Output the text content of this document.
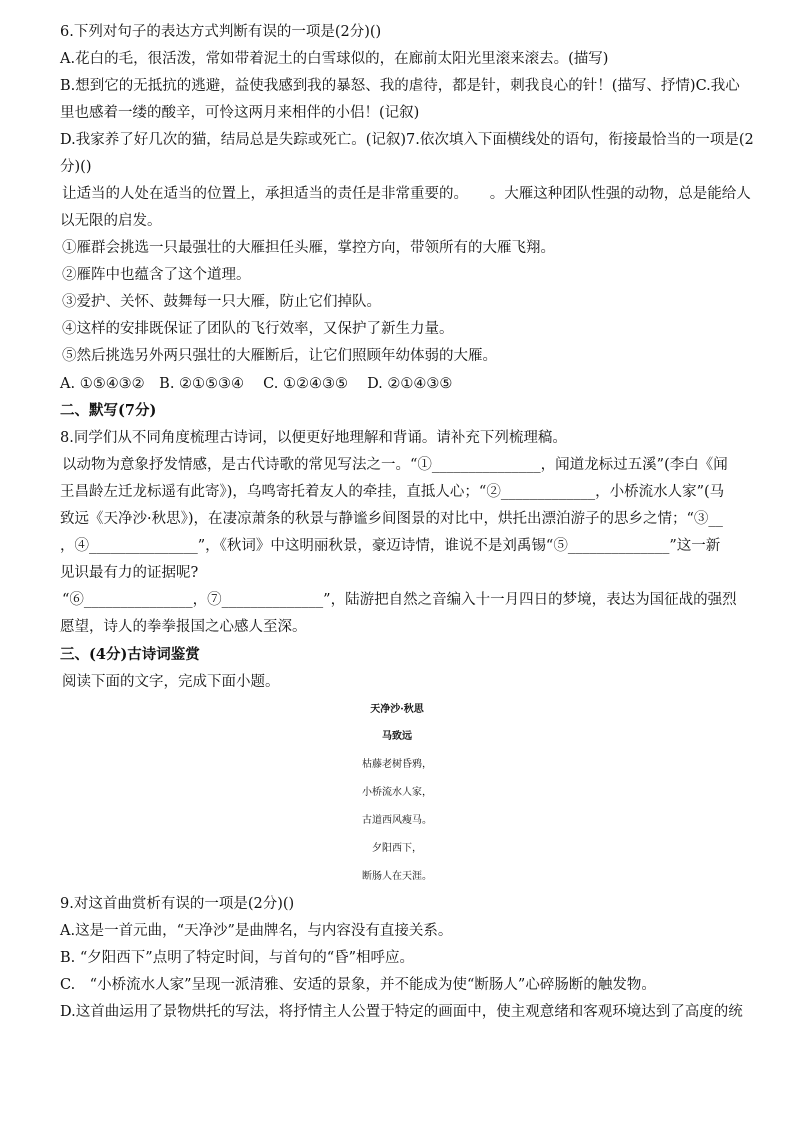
6.下列对句子的表达方式判断有误的一项是(2分)()
A.花白的毛，很活泼，常如带着泥土的白雪球似的，在廊前太阳光里滚来滚去。(描写)
B.想到它的无抵抗的逃避，益使我感到我的暴怒、我的虐待，都是针，刺我良心的针！(描写、抒情)C.我心
里也感着一缕的酸辛，可怜这两月来相伴的小侣！(记叙)
D.我家养了好几次的猫，结局总是失踪或死亡。(记叙)7.依次填入下面横线处的语句，衔接最恰当的一项是(2
分)()
让适当的人处在适当的位置上，承担适当的责任是非常重要的。　　。大雁这种团队性强的动物，总是能给人
以无限的启发。
①雁群会挑选一只最强壮的大雁担任头雁，掌控方向，带领所有的大雁飞翔。
②雁阵中也蕴含了这个道理。
③爱护、关怀、鼓舞每一只大雁，防止它们掉队。
④这样的安排既保证了团队的飞行效率，又保护了新生力量。
⑤然后挑选另外两只强壮的大雁断后，让它们照顾年幼体弱的大雁。
A. ①⑤④③②　B. ②①⑤③④　 C. ①②④③⑤　 D. ②①④③⑤
二、默写(7分)
8.同学们从不同角度梳理古诗词，以便更好地理解和背诵。请补充下列梳理稿。
以动物为意象抒发情感，是古代诗歌的常见写法之一。“①_______________，闻道龙标过五溪”(李白《闻
王昌龄左迁龙标遥有此寄》)，乌鸣寄托着友人的牵挂，直抵人心；“②_____________，小桥流水人家”(马
致远《天净沙·秋思》)，在凄凉萧条的秋景与静谧乡间图景的对比中，烘托出漂泊游子的思乡之情；“③__
，④_______________”，《秋词》中这明丽秋景，豪迈诗情，谁说不是刘禹锡“⑤______________”这一新
见识最有力的证据呢?
“⑥_______________，⑦______________”，陆游把自然之音编入十一月四日的梦境，表达为国征战的强烈
愿望，诗人的拳拳报国之心感人至深。
三、(4分)古诗词鉴赏
阅读下面的文字，完成下面小题。
天净沙·秋思
马致远
枯藤老树昏鸦，
小桥流水人家，
古道西风瘦马。
夕阳西下，
断肠人在天涯。
9.对这首曲赏析有误的一项是(2分)()
A.这是一首元曲，“天净沙”是曲牌名，与内容没有直接关系。
B. “夕阳西下”点明了特定时间，与首句的“昏”相呼应。
C.　“小桥流水人家”呈现一派清雅、安适的景象，并不能成为使“断肠人”心碎肠断的触发物。
D.这首曲运用了景物烘托的写法，将抒情主人公置于特定的画面中，使主观意绪和客观环境达到了高度的统
